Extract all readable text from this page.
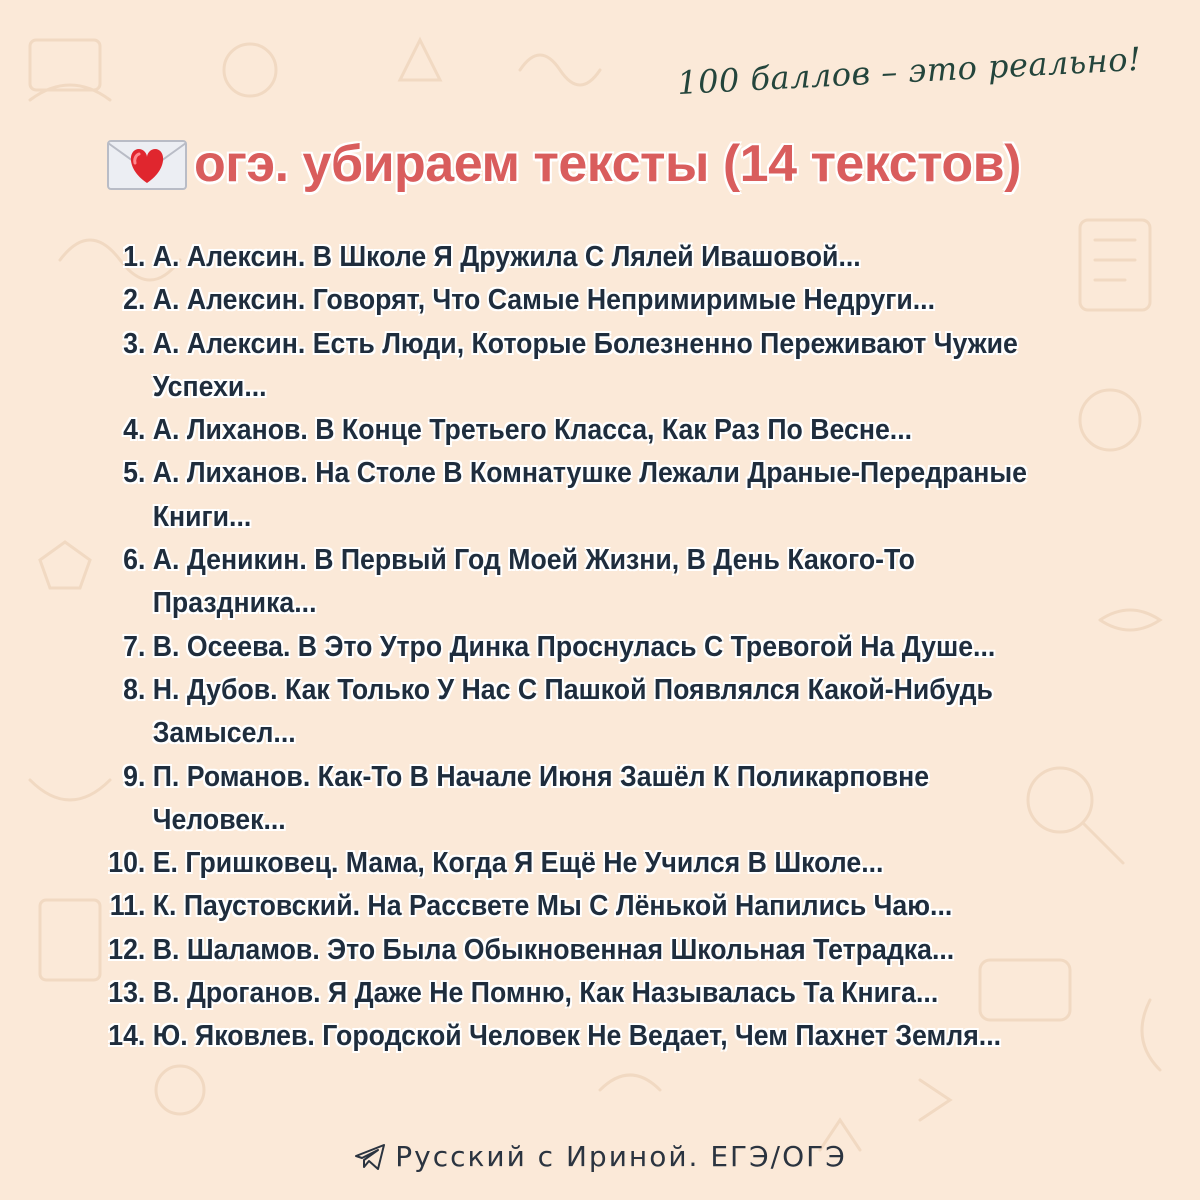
100 баллов – это реально!
огэ. убираем тексты (14 текстов)
1. А. Алексин. В Школе Я Дружила С Лялей Ивашовой...
2. А. Алексин. Говорят, Что Самые Непримиримые Недруги...
3. А. Алексин. Есть Люди, Которые Болезненно Переживают Чужие Успехи...
4. А. Лиханов. В Конце Третьего Класса, Как Раз По Весне...
5. А. Лиханов. На Столе В Комнатушке Лежали Драные-Передраные Книги...
6. А. Деникин. В Первый Год Моей Жизни, В День Какого-То Праздника...
7. В. Осеева. В Это Утро Динка Проснулась С Тревогой На Душе...
8. Н. Дубов. Как Только У Нас С Пашкой Появлялся Какой-Нибудь Замысел...
9. П. Романов. Как-То В Начале Июня Зашёл К Поликарповне Человек...
10. Е. Гришковец. Мама, Когда Я Ещё Не Учился В Школе...
11. К. Паустовский. На Рассвете Мы С Лёнькой Напились Чаю...
12. В. Шаламов. Это Была Обыкновенная Школьная Тетрадка...
13. В. Дроганов. Я Даже Не Помню, Как Называлась Та Книга...
14. Ю. Яковлев. Городской Человек Не Ведает, Чем Пахнет Земля...
Русский с Ириной. ЕГЭ/ОГЭ
